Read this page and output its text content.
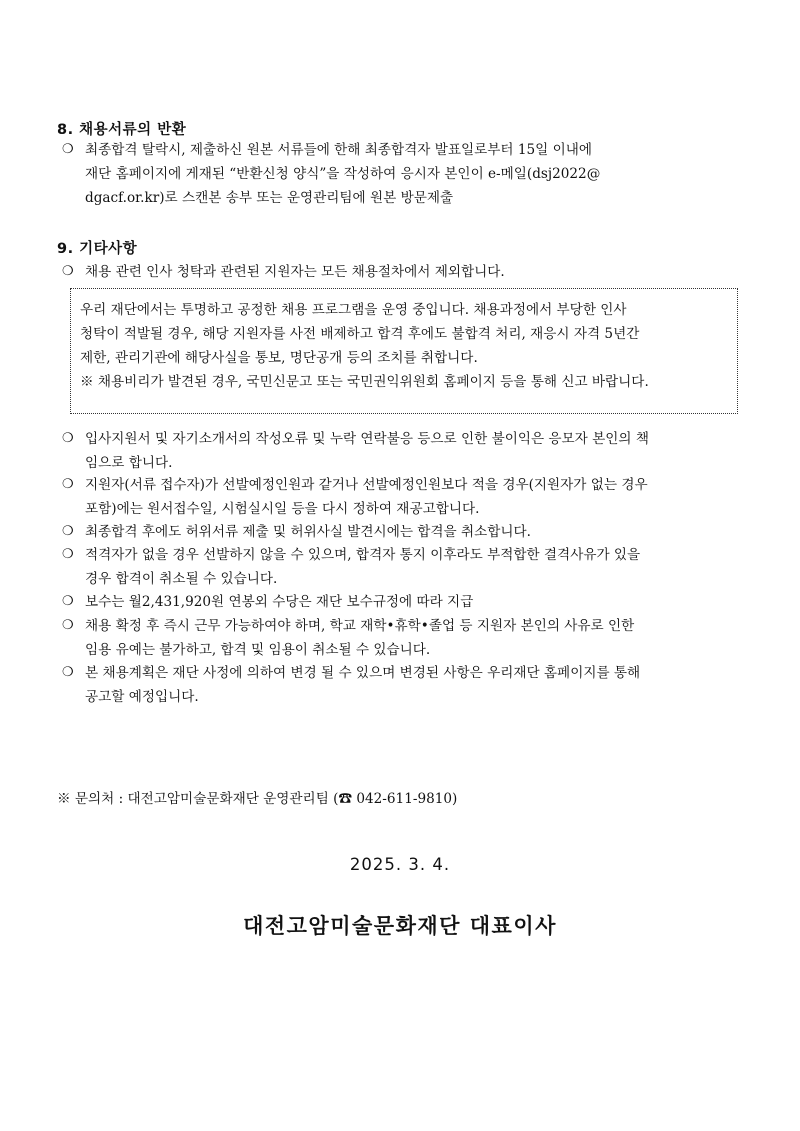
8. 채용서류의 반환
❍ 최종합격 탈락시, 제출하신 원본 서류들에 한해 최종합격자 발표일로부터 15일 이내에
재단 홈페이지에 게재된 “반환신청 양식”을 작성하여 응시자 본인이 e-메일(dsj2022@
dgacf.or.kr)로 스캔본 송부 또는 운영관리팀에 원본 방문제출
9. 기타사항
❍ 채용 관련 인사 청탁과 관련된 지원자는 모든 채용절차에서 제외합니다.
우리 재단에서는 투명하고 공정한 채용 프로그램을 운영 중입니다. 채용과정에서 부당한 인사
청탁이 적발될 경우, 해당 지원자를 사전 배제하고 합격 후에도 불합격 처리, 재응시 자격 5년간
제한, 관리기관에 해당사실을 통보, 명단공개 등의 조치를 취합니다.
※ 채용비리가 발견된 경우, 국민신문고 또는 국민권익위원회 홈페이지 등을 통해 신고 바랍니다.
❍ 입사지원서 및 자기소개서의 작성오류 및 누락 연락불응 등으로 인한 불이익은 응모자 본인의 책
임으로 합니다.
❍ 지원자(서류 접수자)가 선발예정인원과 같거나 선발예정인원보다 적을 경우(지원자가 없는 경우
포함)에는 원서접수일, 시험실시일 등을 다시 정하여 재공고합니다.
❍ 최종합격 후에도 허위서류 제출 및 허위사실 발견시에는 합격을 취소합니다.
❍ 적격자가 없을 경우 선발하지 않을 수 있으며, 합격자 통지 이후라도 부적합한 결격사유가 있을
경우 합격이 취소될 수 있습니다.
❍ 보수는 월2,431,920원 연봉외 수당은 재단 보수규정에 따라 지급
❍ 채용 확정 후 즉시 근무 가능하여야 하며, 학교 재학•휴학•졸업 등 지원자 본인의 사유로 인한
임용 유예는 불가하고, 합격 및 임용이 취소될 수 있습니다.
❍ 본 채용계획은 재단 사정에 의하여 변경 될 수 있으며 변경된 사항은 우리재단 홈페이지를 통해
공고할 예정입니다.
※ 문의처 : 대전고암미술문화재단 운영관리팀 (☎ 042-611-9810)
2025. 3. 4.
대전고암미술문화재단 대표이사
